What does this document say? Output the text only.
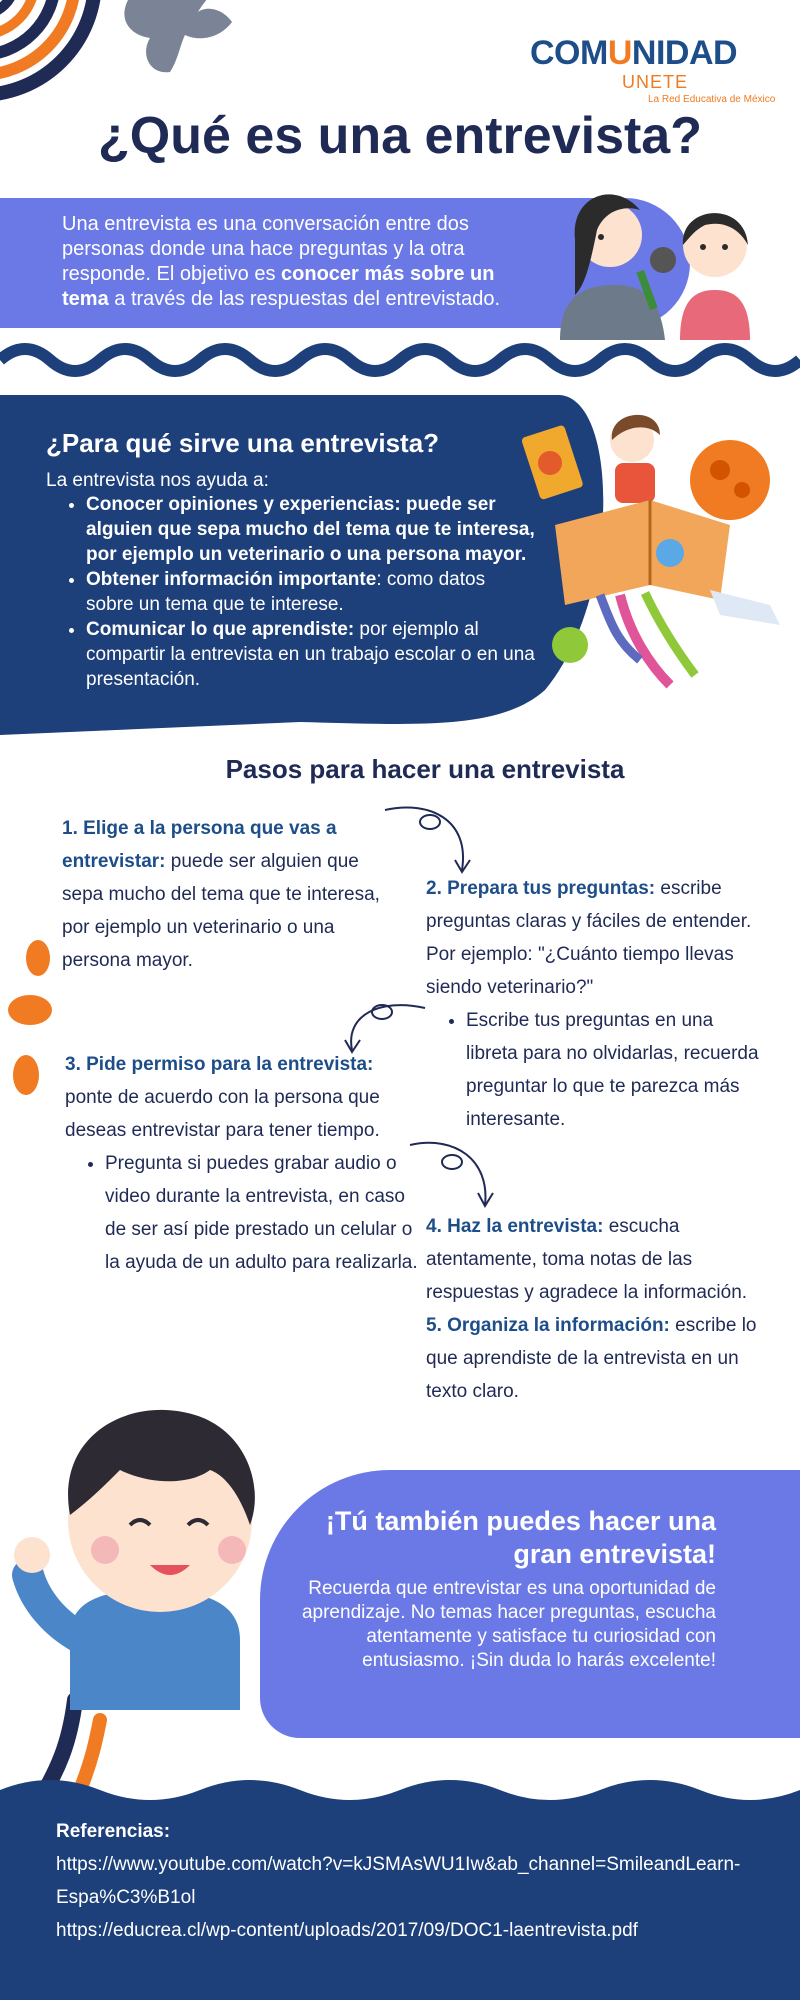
COMUNIDAD
UNETE
La Red Educativa de México
¿Qué es una entrevista?
Una entrevista es una conversación entre dos personas donde una hace preguntas y la otra responde. El objetivo es conocer más sobre un tema a través de las respuestas del entrevistado.
¿Para qué sirve una entrevista?

La entrevista nos ayuda a:

• Conocer opiniones y experiencias: puede ser alguien que sepa mucho del tema que te interesa, por ejemplo un veterinario o una persona mayor.
• Obtener información importante: como datos sobre un tema que te interese.
• Comunicar lo que aprendiste: por ejemplo al compartir la entrevista en un trabajo escolar o en una presentación.
Pasos para hacer una entrevista
1. Elige a la persona que vas a entrevistar: puede ser alguien que sepa mucho del tema que te interesa, por ejemplo un veterinario o una persona mayor.
2. Prepara tus preguntas: escribe preguntas claras y fáciles de entender. Por ejemplo: "¿Cuánto tiempo llevas siendo veterinario?"
• Escribe tus preguntas en una libreta para no olvidarlas, recuerda preguntar lo que te parezca más interesante.
3. Pide permiso para la entrevista: ponte de acuerdo con la persona que deseas entrevistar para tener tiempo.
• Pregunta si puedes grabar audio o video durante la entrevista, en caso de ser así pide prestado un celular o la ayuda de un adulto para realizarla.
4. Haz la entrevista: escucha atentamente, toma notas de las respuestas y agradece la información.
5. Organiza la información: escribe lo que aprendiste de la entrevista en un texto claro.
¡Tú también puedes hacer una gran entrevista!

Recuerda que entrevistar es una oportunidad de aprendizaje. No temas hacer preguntas, escucha atentamente y satisface tu curiosidad con entusiasmo. ¡Sin duda lo harás excelente!

Referencias:
https://www.youtube.com/watch?v=kJSMAsWU1Iw&ab_channel=SmileandLearn-Espa%C3%B1ol
https://educrea.cl/wp-content/uploads/2017/09/DOC1-laentrevista.pdf
